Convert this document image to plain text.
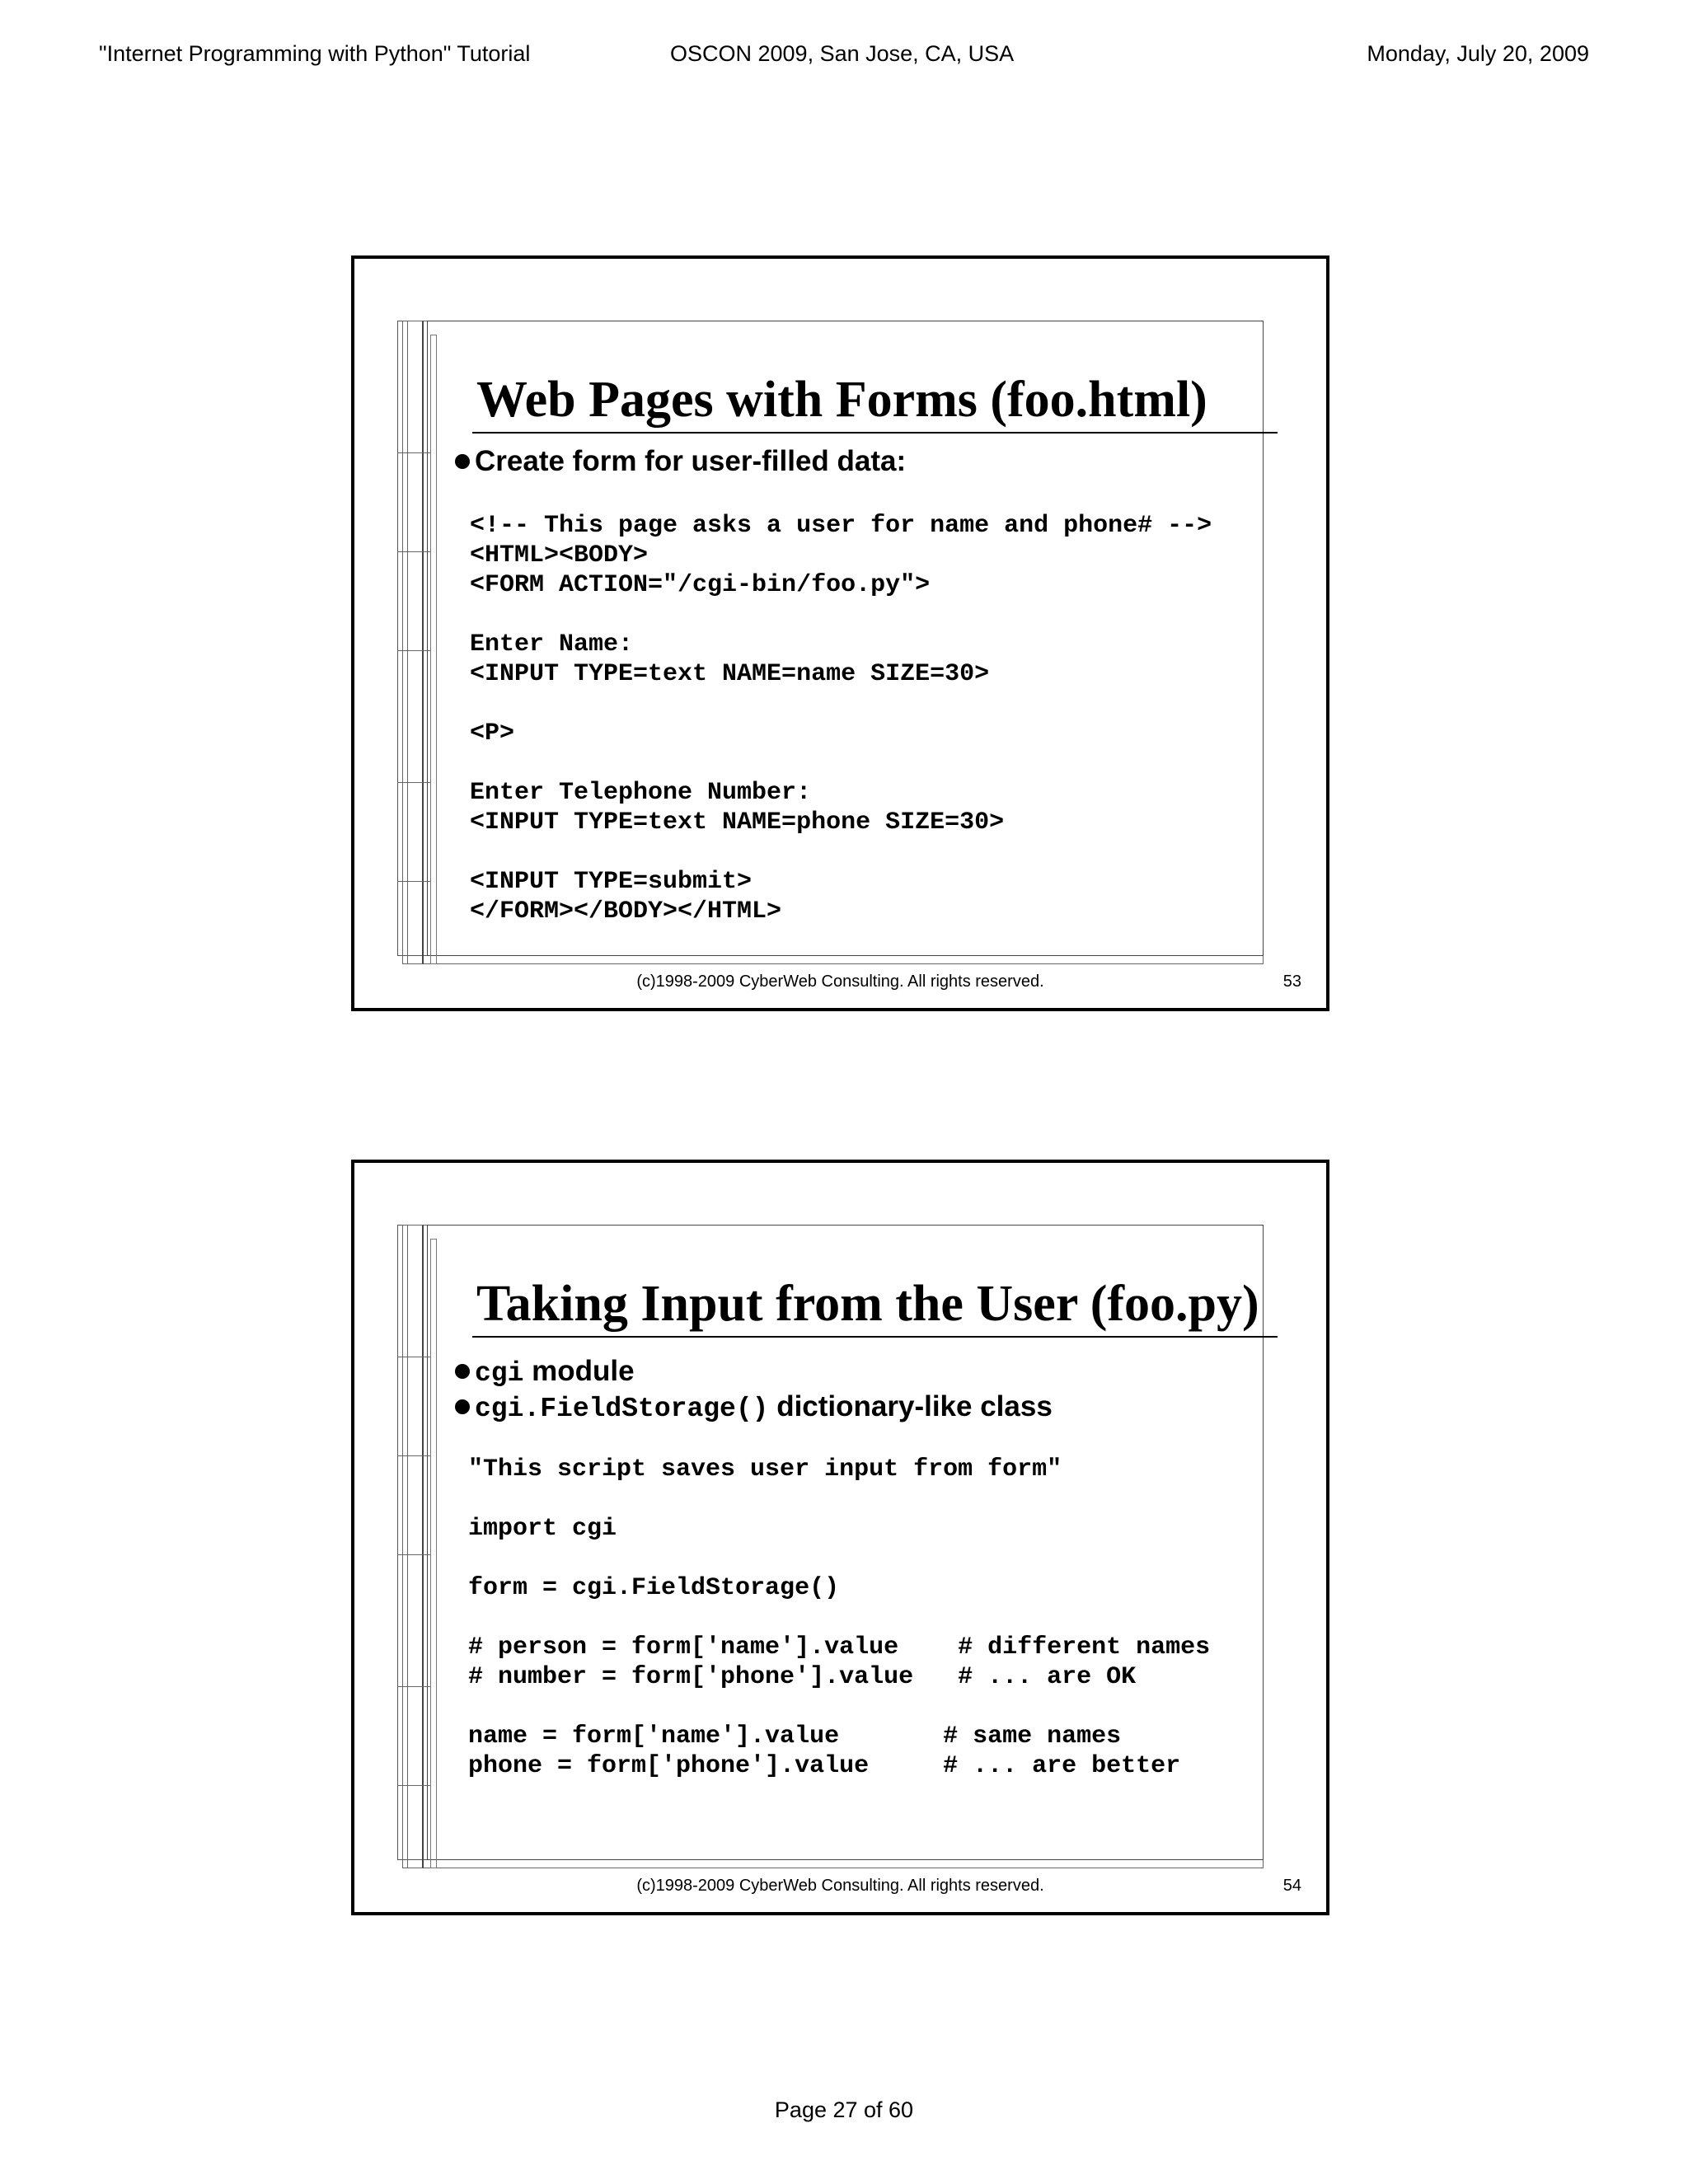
"Internet Programming with Python" Tutorial	OSCON 2009, San Jose, CA, USA	Monday, July 20, 2009
Web Pages with Forms (foo.html)
Create form for user-filled data:
<!-- This page asks a user for name and phone# -->
<HTML><BODY>
<FORM ACTION="/cgi-bin/foo.py">

Enter Name:
<INPUT TYPE=text NAME=name SIZE=30>

<P>

Enter Telephone Number:
<INPUT TYPE=text NAME=phone SIZE=30>

<INPUT TYPE=submit>
</FORM></BODY></HTML>
(c)1998-2009 CyberWeb Consulting. All rights reserved.	53
Taking Input from the User (foo.py)
cgi module
cgi.FieldStorage() dictionary-like class
"This script saves user input from form"

import cgi

form = cgi.FieldStorage()

# person = form['name'].value    # different names
# number = form['phone'].value   # ... are OK

name = form['name'].value       # same names
phone = form['phone'].value     # ... are better
(c)1998-2009 CyberWeb Consulting. All rights reserved.	54
Page 27 of 60
